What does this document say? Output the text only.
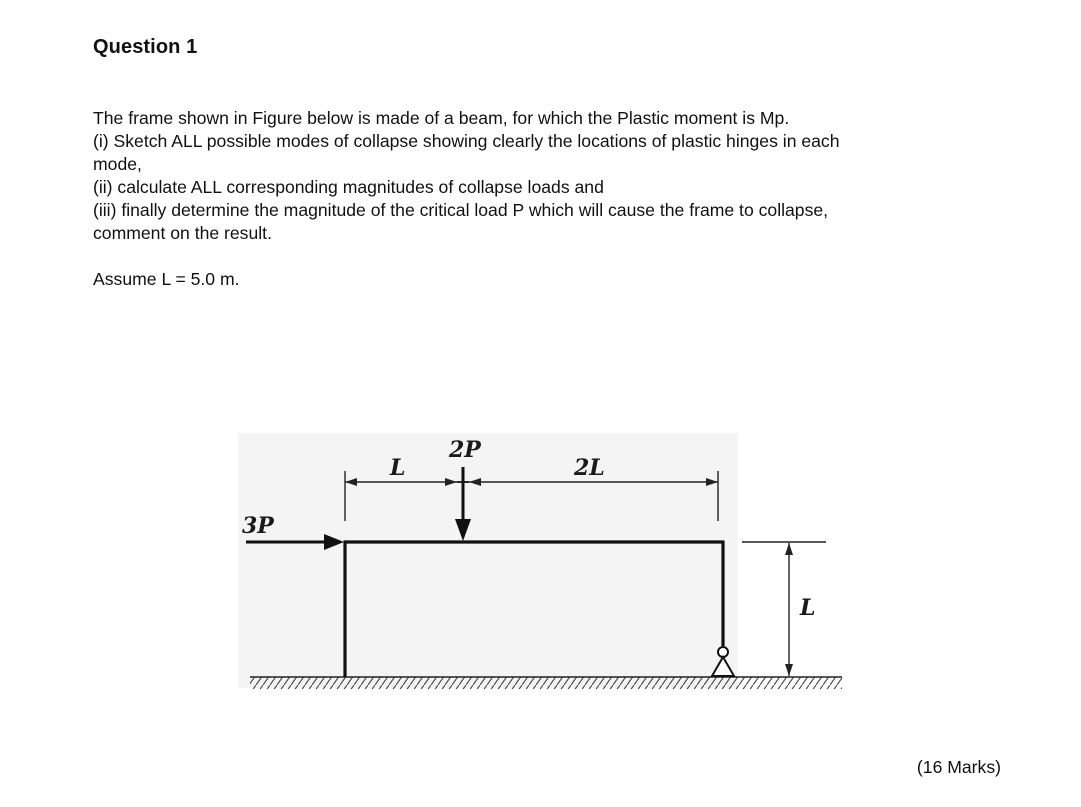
Question 1
The frame shown in Figure below is made of a beam, for which the Plastic moment is Mp.
(i) Sketch ALL possible modes of collapse showing clearly the locations of plastic hinges in each
mode,
(ii) calculate ALL corresponding magnitudes of collapse loads and
(iii) finally determine the magnitude of the critical load P which will cause the frame to collapse,
comment on the result.

Assume L = 5.0 m.

3P
2P
L	2L
L

(16 Marks)
